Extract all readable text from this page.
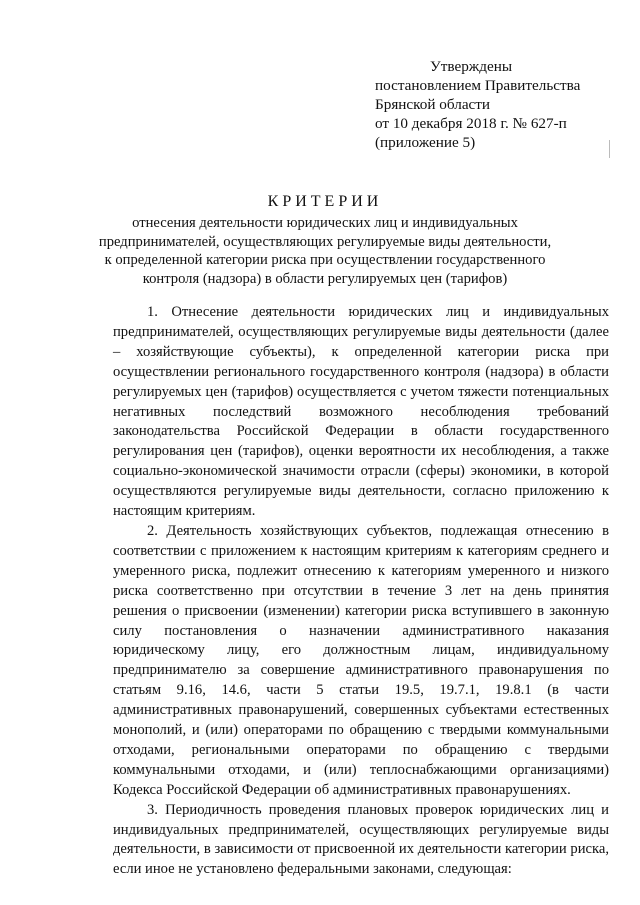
Утверждены
постановлением Правительства
Брянской области
от 10 декабря 2018 г. № 627-п
(приложение 5)
КРИТЕРИИ
отнесения деятельности юридических лиц и индивидуальных
предпринимателей, осуществляющих регулируемые виды деятельности,
к определенной категории риска при осуществлении государственного
контроля (надзора) в области регулируемых цен (тарифов)

1. Отнесение деятельности юридических лиц и индивидуальных предпринимателей, осуществляющих регулируемые виды деятельности (далее – хозяйствующие субъекты), к определенной категории риска при осуществлении регионального государственного контроля (надзора) в области регулируемых цен (тарифов) осуществляется с учетом тяжести потенциальных негативных последствий возможного несоблюдения требований законодательства Российской Федерации в области государственного регулирования цен (тарифов), оценки вероятности их несоблюдения, а также социально-экономической значимости отрасли (сферы) экономики, в которой осуществляются регулируемые виды деятельности, согласно приложению к настоящим критериям.

2. Деятельность хозяйствующих субъектов, подлежащая отнесению в соответствии с приложением к настоящим критериям к категориям среднего и умеренного риска, подлежит отнесению к категориям умеренного и низкого риска соответственно при отсутствии в течение 3 лет на день принятия решения о присвоении (изменении) категории риска вступившего в законную силу постановления о назначении административного наказания юридическому лицу, его должностным лицам, индивидуальному предпринимателю за совершение административного правонарушения по статьям 9.16, 14.6, части 5 статьи 19.5, 19.7.1, 19.8.1 (в части административных правонарушений, совершенных субъектами естественных монополий, и (или) операторами по обращению с твердыми коммунальными отходами, региональными операторами по обращению с твердыми коммунальными отходами, и (или) теплоснабжающими организациями) Кодекса Российской Федерации об административных правонарушениях.

3. Периодичность проведения плановых проверок юридических лиц и индивидуальных предпринимателей, осуществляющих регулируемые виды деятельности, в зависимости от присвоенной их деятельности категории риска, если иное не установлено федеральными законами, следующая:
